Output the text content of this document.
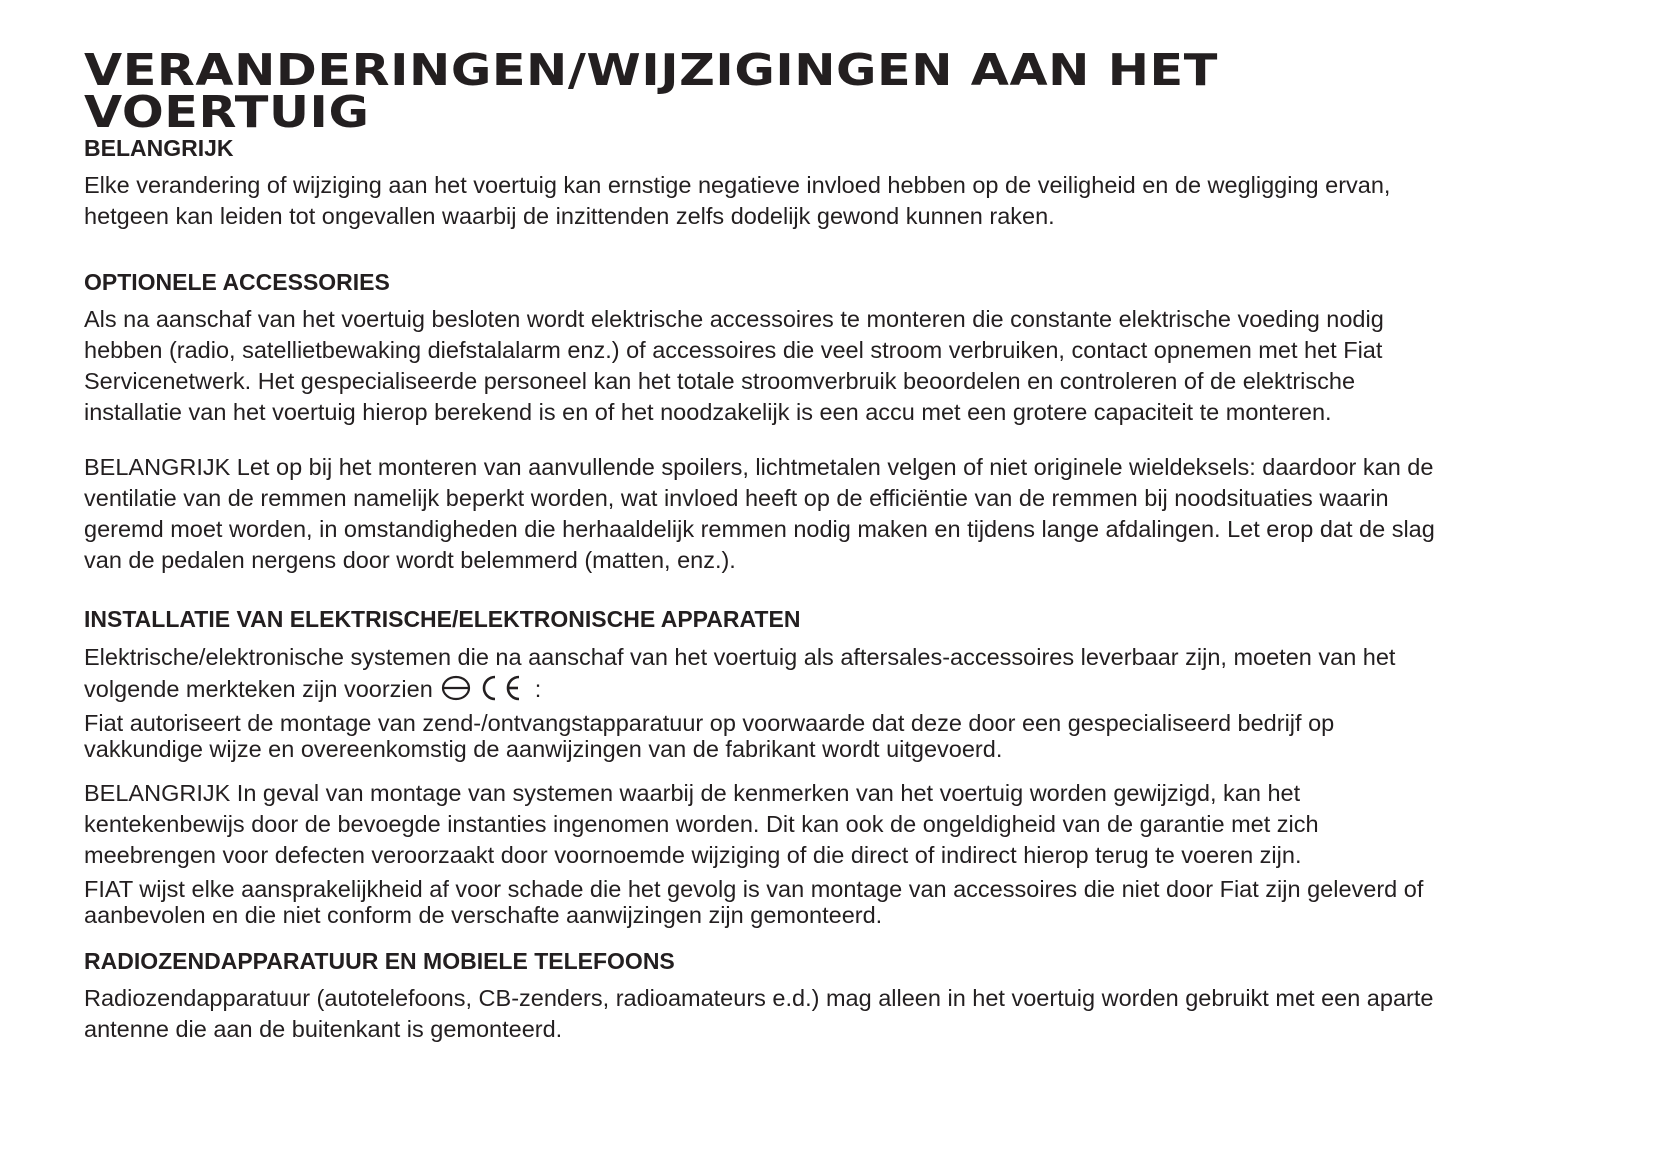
VERANDERINGEN/WIJZIGINGEN AAN HET VOERTUIG
BELANGRIJK

Elke verandering of wijziging aan het voertuig kan ernstige negatieve invloed hebben op de veiligheid en de wegligging ervan, hetgeen kan leiden tot ongevallen waarbij de inzittenden zelfs dodelijk gewond kunnen raken.

OPTIONELE ACCESSORIES

Als na aanschaf van het voertuig besloten wordt elektrische accessoires te monteren die constante elektrische voeding nodig hebben (radio, satellietbewaking diefstalalarm enz.) of accessoires die veel stroom verbruiken, contact opnemen met het Fiat Servicenetwerk. Het gespecialiseerde personeel kan het totale stroomverbruik beoordelen en controleren of de elektrische installatie van het voertuig hierop berekend is en of het noodzakelijk is een accu met een grotere capaciteit te monteren.

BELANGRIJK Let op bij het monteren van aanvullende spoilers, lichtmetalen velgen of niet originele wieldeksels: daardoor kan de ventilatie van de remmen namelijk beperkt worden, wat invloed heeft op de efficiëntie van de remmen bij noodsituaties waarin geremd moet worden, in omstandigheden die herhaaldelijk remmen nodig maken en tijdens lange afdalingen. Let erop dat de slag van de pedalen nergens door wordt belemmerd (matten, enz.).

INSTALLATIE VAN ELEKTRISCHE/ELEKTRONISCHE APPARATEN

Elektrische/elektronische systemen die na aanschaf van het voertuig als aftersales-accessoires leverbaar zijn, moeten van het volgende merkteken zijn voorzien	:

Fiat autoriseert de montage van zend-/ontvangstapparatuur op voorwaarde dat deze door een gespecialiseerd bedrijf op vakkundige wijze en overeenkomstig de aanwijzingen van de fabrikant wordt uitgevoerd.

BELANGRIJK In geval van montage van systemen waarbij de kenmerken van het voertuig worden gewijzigd, kan het kentekenbewijs door de bevoegde instanties ingenomen worden. Dit kan ook de ongeldigheid van de garantie met zich meebrengen voor defecten veroorzaakt door voornoemde wijziging of die direct of indirect hierop terug te voeren zijn.

FIAT wijst elke aansprakelijkheid af voor schade die het gevolg is van montage van accessoires die niet door Fiat zijn geleverd of aanbevolen en die niet conform de verschafte aanwijzingen zijn gemonteerd.

RADIOZENDAPPARATUUR EN MOBIELE TELEFOONS

Radiozendapparatuur (autotelefoons, CB-zenders, radioamateurs e.d.) mag alleen in het voertuig worden gebruikt met een aparte antenne die aan de buitenkant is gemonteerd.
